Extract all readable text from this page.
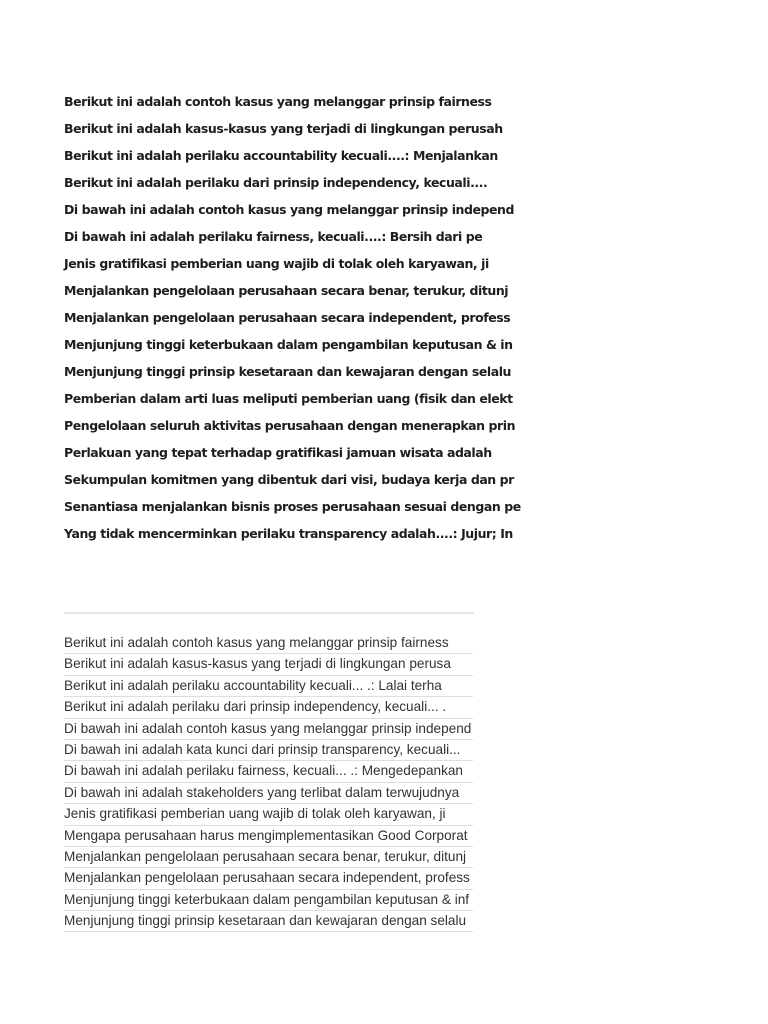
Berikut ini adalah contoh kasus yang melanggar prinsip fairness
Berikut ini adalah kasus-kasus yang terjadi di lingkungan perusah
Berikut ini adalah perilaku accountability kecuali....: Menjalankan
Berikut ini adalah perilaku dari prinsip independency, kecuali....
Di bawah ini adalah contoh kasus yang melanggar prinsip independ
Di bawah ini adalah perilaku fairness, kecuali....: Bersih dari pe
Jenis gratifikasi pemberian uang wajib di tolak oleh karyawan, ji
Menjalankan pengelolaan perusahaan secara benar, terukur, ditunj
Menjalankan pengelolaan perusahaan secara independent, profess
Menjunjung tinggi keterbukaan dalam pengambilan keputusan & in
Menjunjung tinggi prinsip kesetaraan dan kewajaran dengan selalu
Pemberian dalam arti luas meliputi pemberian uang (fisik dan elekt
Pengelolaan seluruh aktivitas perusahaan dengan menerapkan prin
Perlakuan yang tepat terhadap gratifikasi jamuan wisata adalah
Sekumpulan komitmen yang dibentuk dari visi, budaya kerja dan pr
Senantiasa menjalankan bisnis proses perusahaan sesuai dengan pe
Yang tidak mencerminkan perilaku transparency adalah....: Jujur; In
Berikut ini adalah contoh kasus yang melanggar prinsip fairness
Berikut ini adalah kasus-kasus yang terjadi di lingkungan perusa
Berikut ini adalah perilaku accountability kecuali... .: Lalai terha
Berikut ini adalah perilaku dari prinsip independency, kecuali... .
Di bawah ini adalah contoh kasus yang melanggar prinsip independ
Di bawah ini adalah kata kunci dari prinsip transparency, kecuali...
Di bawah ini adalah perilaku fairness, kecuali... .: Mengedepankan
Di bawah ini adalah stakeholders yang terlibat dalam terwujudnya
Jenis gratifikasi pemberian uang wajib di tolak oleh karyawan, ji
Mengapa perusahaan harus mengimplementasikan Good Corporat
Menjalankan pengelolaan perusahaan secara benar, terukur, ditunj
Menjalankan pengelolaan perusahaan secara independent, profess
Menjunjung tinggi keterbukaan dalam pengambilan keputusan & inf
Menjunjung tinggi prinsip kesetaraan dan kewajaran dengan selalu
